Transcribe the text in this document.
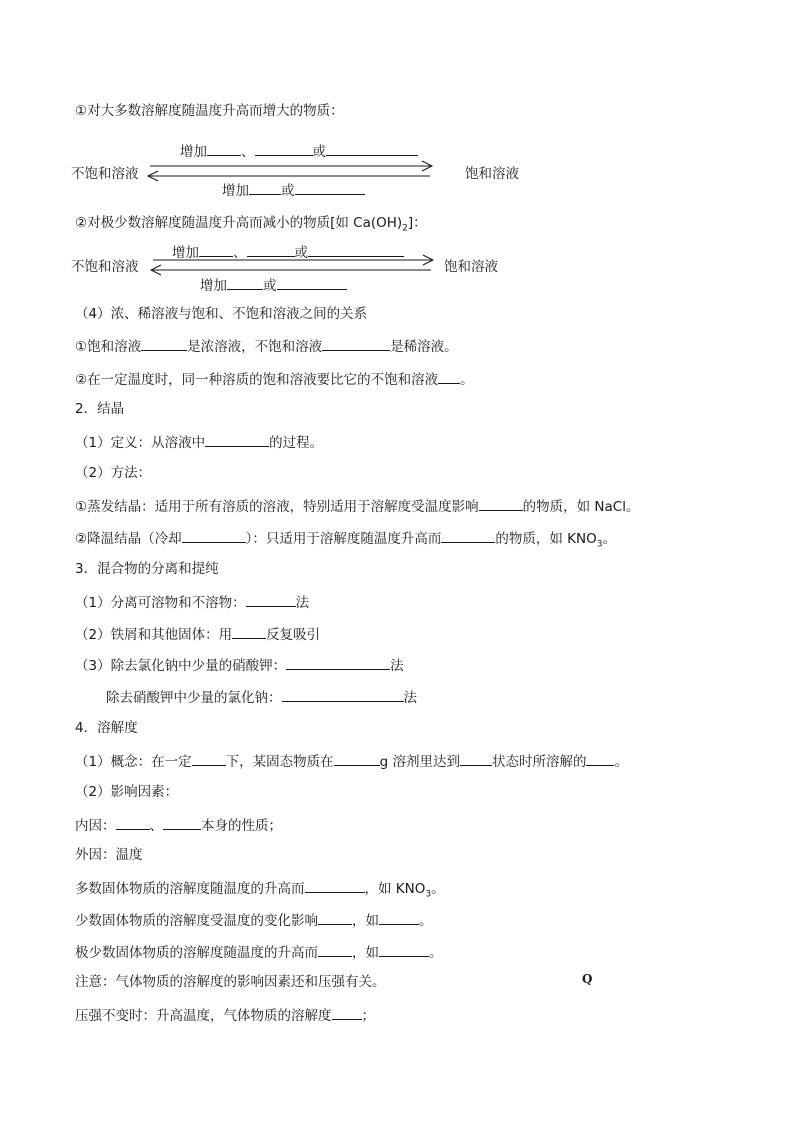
①对大多数溶解度随温度升高而增大的物质：
增加	、	或
不饱和溶液	饱和溶液
增加 或
②对极少数溶解度随温度升高而减小的物质[如 $Ca(OH)_2$]：
增加	、	或
不饱和溶液	饱和溶液
增加	或
（4）浓、稀溶液与饱和、不饱和溶液之间的关系
①饱和溶液	是浓溶液，不饱和溶液	是稀溶液。
②在一定温度时，同一种溶质的饱和溶液要比它的不饱和溶液 。
2．结晶
（1）定义：从溶液中	的过程。
（2）方法：
①蒸发结晶：适用于所有溶质的溶液，特别适用于溶解度受温度影响	的物质，如 NaCl。
②降温结晶（冷却	）：只适用于溶解度随温度升高而	的物质，如 $KNO_3$。
3．混合物的分离和提纯
（1）分离可溶物和不溶物：	法
（2）铁屑和其他固体：用	反复吸引
（3）除去氯化钠中少量的硝酸钾：	法
除去硝酸钾中少量的氯化钠：	法
4．溶解度
（1）概念：在一定	下，某固态物质在	g 溶剂里达到 状态时所溶解的 。
（2）影响因素：
内因：	、	本身的性质；
外因：温度
多数固体物质的溶解度随温度的升高而	，如 $KNO_3$。
少数固体物质的溶解度受温度的变化影响	，如	。
极少数固体物质的溶解度随温度的升高而	，如	。
注意：气体物质的溶解度的影响因素还和压强有关。	Q
压强不变时：升高温度，气体物质的溶解度 ；
